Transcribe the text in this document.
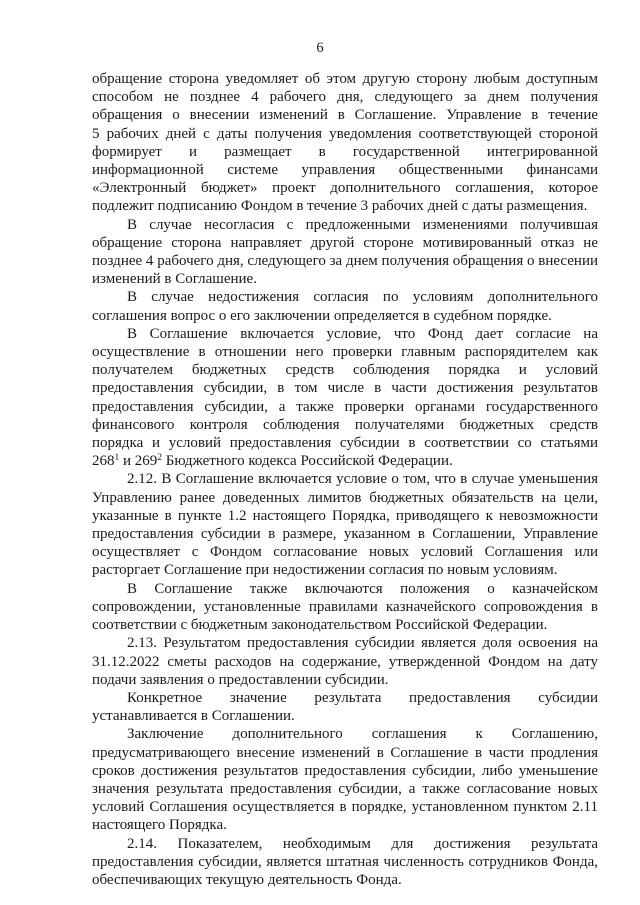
6

обращение сторона уведомляет об этом другую сторону любым доступным
способом не позднее 4 рабочего дня, следующего за днем получения
обращения о внесении изменений в Соглашение. Управление в течение
5 рабочих дней с даты получения уведомления соответствующей стороной
формирует и размещает в государственной интегрированной
информационной системе управления общественными финансами
«Электронный бюджет» проект дополнительного соглашения, которое
подлежит подписанию Фондом в течение 3 рабочих дней с даты размещения.

В случае несогласия с предложенными изменениями получившая
обращение сторона направляет другой стороне мотивированный отказ не
позднее 4 рабочего дня, следующего за днем получения обращения о внесении
изменений в Соглашение.

В случае недостижения согласия по условиям дополнительного
соглашения вопрос о его заключении определяется в судебном порядке.

В Соглашение включается условие, что Фонд дает согласие на
осуществление в отношении него проверки главным распорядителем как
получателем бюджетных средств соблюдения порядка и условий
предоставления субсидии, в том числе в части достижения результатов
предоставления субсидии, а также проверки органами государственного
финансового контроля соблюдения получателями бюджетных средств
порядка и условий предоставления субсидии в соответствии со статьями
$268^1$ и $269^2$ Бюджетного кодекса Российской Федерации.

2.12. В Соглашение включается условие о том, что в случае уменьшения
Управлению ранее доведенных лимитов бюджетных обязательств на цели,
указанные в пункте 1.2 настоящего Порядка, приводящего к невозможности
предоставления субсидии в размере, указанном в Соглашении, Управление
осуществляет с Фондом согласование новых условий Соглашения или
расторгает Соглашение при недостижении согласия по новым условиям.

В Соглашение также включаются положения о казначейском
сопровождении, установленные правилами казначейского сопровождения в
соответствии с бюджетным законодательством Российской Федерации.

2.13. Результатом предоставления субсидии является доля освоения на
31.12.2022 сметы расходов на содержание, утвержденной Фондом на дату
подачи заявления о предоставлении субсидии.

Конкретное значение результата предоставления субсидии
устанавливается в Соглашении.

Заключение дополнительного соглашения к Соглашению,
предусматривающего внесение изменений в Соглашение в части продления
сроков достижения результатов предоставления субсидии, либо уменьшение
значения результата предоставления субсидии, а также согласование новых
условий Соглашения осуществляется в порядке, установленном пунктом 2.11
настоящего Порядка.

2.14. Показателем, необходимым для достижения результата
предоставления субсидии, является штатная численность сотрудников Фонда,
обеспечивающих текущую деятельность Фонда.
